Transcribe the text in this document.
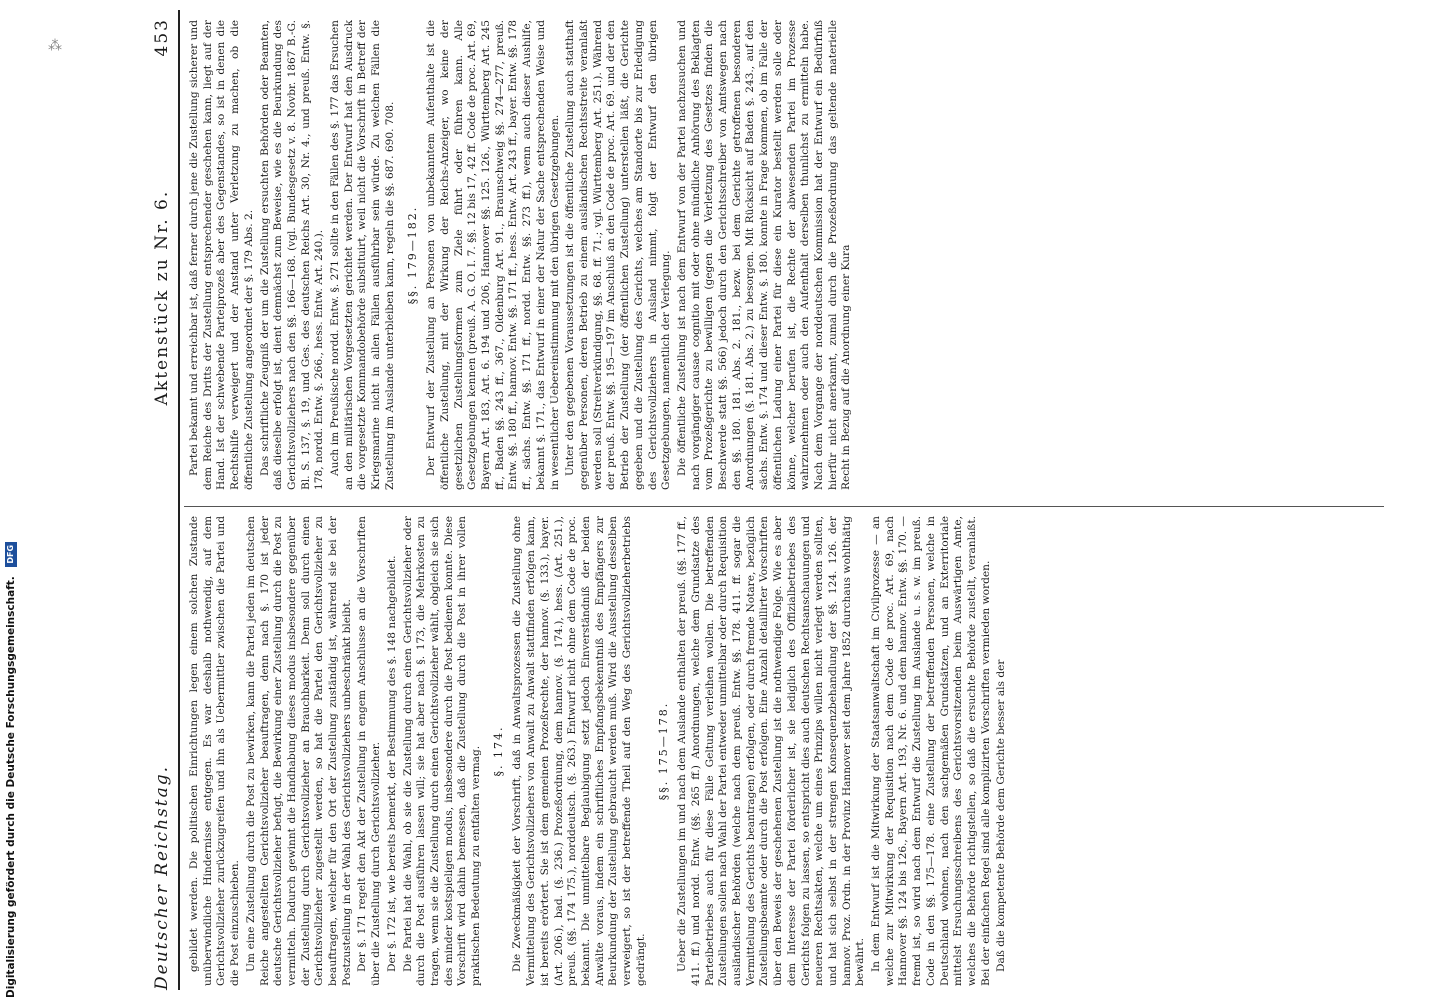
⁂
Deutscher Reichstag.
Aktenstück zu Nr. 6.                  453

gebildet werden. Die politischen Einrichtungen legen einem solchen Zustande unüberwindliche Hindernisse entgegen. Es war deshalb nothwendig, auf dem Gerichtsvollzieher zurückzugreifen und ihn als Uebermittler zwischen die Partei und die Post einzuschieben. Um eine Zustellung durch die Post zu bewirken, kann die Partei jeden im deutschen Reiche angestellten Gerichtsvollzieher beauftragen, denn nach §. 170 ist jeder deutsche Gerichtsvollzieher befugt, die Bewirkung einer Zustellung durch die Post zu vermitteln. Dadurch gewinnt die Handhabung dieses modus insbesondere gegenüber der Zustellung durch Gerichtsvollzieher an Brauchbarkeit. Denn soll durch einen Gerichtsvollzieher zugestellt werden, so hat die Partei den Gerichtsvollzieher zu beauftragen, welcher für den Ort der Zustellung zuständig ist, während sie bei der Postzustellung in der Wahl des Gerichtsvollziehers unbeschränkt bleibt. Der §. 171 regelt den Akt der Zustellung in engem Anschlusse an die Vorschriften über die Zustellung durch Gerichtsvollzieher. Der §. 172 ist, wie bereits bemerkt, der Bestimmung des §. 148 nachgebildet. Die Partei hat die Wahl, ob sie die Zustellung durch einen Gerichtsvollzieher oder durch die Post ausführen lassen will; sie hat aber nach §. 173, die Mehrkosten zu tragen, wenn sie die Zustellung durch einen Gerichtsvollzieher wählt, obgleich sie sich des minder kostspieligen modus, insbesondere durch die Post bedienen konnte. Diese Vorschrift wird dahin bemessen, daß die Zustellung durch die Post in ihrer vollen praktischen Bedeutung zu entfalten vermag. §. 174. Die Zweckmäßigkeit der Vorschrift, daß in Anwaltsprozessen die Zustellung ohne Vermittelung des Gerichtsvollziehers von Anwalt zu Anwalt stattfinden erfolgen kann, ist bereits erörtert. Sie ist dem gemeinen Prozeßrechte, der hannov. (§. 133.), bayer. (Art. 206.), bad. (§. 236.) Prozeßordnung, dem hannov. (§. 174.), hess. (Art. 251.), preuß. (§§. 174 175.), norddeutsch. (§. 263.) Entwurf nicht ohne dem Code de proc. bekannt. Die unmittelbare Beglaubigung setzt jedoch Einverständniß der beiden Anwälte voraus, indem ein schriftliches Empfangsbekenntniß des Empfängers zur Beurkundung der Zustellung gebraucht werden muß. Wird die Ausstellung desselben verweigert, so ist der betreffende Theil auf den Weg des Gerichtsvollzieherbetriebs gedrängt.

§§. 175—178. Ueber die Zustellungen im und nach dem Auslande enthalten der preuß. (§§. 177 ff., 411. ff.) und nordd. Entw. (§§. 265 ff.) Anordnungen, welche dem Grundsatze des Parteibetriebes auch für diese Fälle Geltung verleihen wollen. Die betreffenden Zustellungen sollen nach Wahl der Partei entweder unmittelbar oder durch Requisition ausländischer Behörden (welche nach dem preuß. Entw. §§. 178. 411. ff. sogar die Vermittelung des Gerichts beantragen) erfolgen, oder durch fremde Notare, bezüglich Zustellungsbeamte oder durch die Post erfolgen. Eine Anzahl detaillirter Vorschriften über den Beweis der geschehenen Zustellung ist die nothwendige Folge. Wie es aber dem Interesse der Partei förderlicher ist, sie lediglich des Offizialbetriebes des Gerichts folgen zu lassen, so entspricht dies auch deutschen Rechtsanschauungen und neueren Rechtsakten, welche um eines Prinzips willen nicht verlegt werden sollten, und hat sich selbst in der strengen Konsequenzbehandlung der §§. 124. 126. der hannov. Proz. Ordn. in der Provinz Hannover seit dem Jahre 1852 durchaus wohlthätig bewährt. In dem Entwurf ist die Mitwirkung der Staatsanwaltschaft im Civilprozesse — an welche zur Mitwirkung der Requisition nach dem Code de proc. Art. 69, nach Hannover §§. 124 bis 126., Bayern Art. 193, Nr. 6. und dem hannov. Entw. §§. 170. — fremd ist, so wird nach dem Entwurf die Zustellung im Auslande u. s. w. im preuß. Code in den §§. 175—178. eine Zustellung der betreffenden Personen, welche in Deutschland wohnen, nach den sachgemäßen Grundsätzen, und an Exterritoriale mittelst Ersuchungsschreibens des Gerichtsvorsitzenden beim Auswärtigen Amte, welches die Behörde richtigstellen, so daß die ersuchte Behörde zustellt, veranlaßt. Bei der einfachen Regel sind alle komplizirten Vorschriften vermieden worden. Daß die kompetente Behörde dem Gerichte besser als der

Partei bekannt und erreichbar ist, daß ferner durch jene die Zustellung sicherer und dem Reiche des Dritts der Zustellung entsprechender geschehen kann, liegt auf der Hand. Ist der schwebende Parteiprozeß aber des Gegenstandes, so ist in denen die Rechtshilfe verweigert und der Anstand unter Verletzung zu machen, ob die öffentliche Zustellung angeordnet der §. 179 Abs. 2. Das schriftliche Zeugniß der um die Zustellung ersuchten Behörden oder Beamten, daß dieselbe erfolgt ist, dient demnächst zum Beweise, wie es die Beurkundung des Gerichtsvollziehers nach den §§. 166—168. (vgl. Bundesgesetz v. 8. Novbr. 1867 B.-G. Bl. S. 137, §. 19, und Ges. des deutschen Reichs Art. 30, Nr. 4., und preuß. Entw. §. 178, nordd. Entw. §. 266., hess. Entw. Art. 240.). Auch im Preußische nordd. Entw. §. 271 sollte in den Fällen des §. 177 das Ersuchen an den militärischen Vorgesetzten gerichtet werden. Der Entwurf hat den Ausdruck die vorgesetzte Kommandobehörde substituirt, weil nicht die Vorschrift in Betreff der Kriegsmarine nicht in allen Fällen ausführbar sein würde. Zu welchen Fällen die Zustellung im Auslande unterbleiben kann, regeln die §§. 687. 690. 708. §§. 179—182. Der Entwurf der Zustellung an Personen von unbekanntem Aufenthalte ist die öffentliche Zustellung, mit der Wirkung der Reichs-Anzeiger, wo keine der gesetzlichen Zustellungsformen zum Ziele führt oder führen kann. Alle Gesetzgebungen kennen (preuß. A. G. O. I. 7. §§. 12 bis 17, 42 ff. Code de proc. Art. 69, Bayern Art. 183, Art. 6. 194 und 206, Hannover §§. 125. 126., Württemberg Art. 245 ff., Baden §§. 243 ff., 367., Oldenburg Art. 91., Braunschweig §§. 274—277, preuß. Entw. §§. 180 ff., hannov. Entw. §§. 171 ff., hess. Entw. Art. 243 ff., bayer. Entw. §§. 178 ff., sächs. Entw. §§. 171 ff., nordd. Entw. §§. 273 ff.), wenn auch dieser Aushilfe, bekannt §. 171., das Entwurf in einer der Natur der Sache entsprechenden Weise und in wesentlicher Uebereinstimmung mit den übrigen Gesetzgebungen. Unter den gegebenen Voraussetzungen ist die öffentliche Zustellung auch statthaft gegenüber Personen, deren Betrieb zu einem ausländischen Rechtsstreite veranlaßt werden soll (Streitverkündigung, §§. 68. ff. 71.; vgl. Württemberg Art. 251.). Während der preuß. Entw. §§. 195—197 im Anschluß an den Code de proc. Art. 69. und der den Betrieb der Zustellung (der öffentlichen Zustellung) unterstellen läßt, die Gerichte gegeben und die Zustellung des Gerichts, welches am Standorte bis zur Erledigung des Gerichtsvollziehers in Ausland nimmt, folgt der Entwurf den übrigen Gesetzgebungen, namentlich der Verlegung. Die öffentliche Zustellung ist nach dem Entwurf von der Partei nachzusuchen und nach vorgängiger causae cognitio mit oder ohne mündliche Anhörung des Beklagten vom Prozeßgerichte zu bewilligen (gegen die Verletzung des Gesetzes finden die Beschwerde statt §§. 566) jedoch durch den Gerichtsschreiber von Amtswegen nach den §§. 180. 181. Abs. 2. 181., bezw. bei dem Gerichte getroffenen besonderen Anordnungen (§. 181. Abs. 2.) zu besorgen. Mit Rücksicht auf Baden §. 243., auf den sächs. Entw. §. 174 und dieser Entw. §. 180. konnte in Frage kommen, ob im Falle der öffentlichen Ladung einer Partei für diese ein Kurator bestellt werden solle oder könne, welcher berufen ist, die Rechte der abwesenden Partei im Prozesse wahrzunehmen oder auch den Aufenthalt derselben thunlichst zu ermitteln habe. Nach dem Vorgange der norddeutschen Kommission hat der Entwurf ein Bedürfniß hierfür nicht anerkannt, zumal durch die Prozeßordnung das geltende materielle Recht in Bezug auf die Anordnung einer Kura

Digitalisierung gefördert durch die Deutsche Forschungsgemeinschaft. DFG
